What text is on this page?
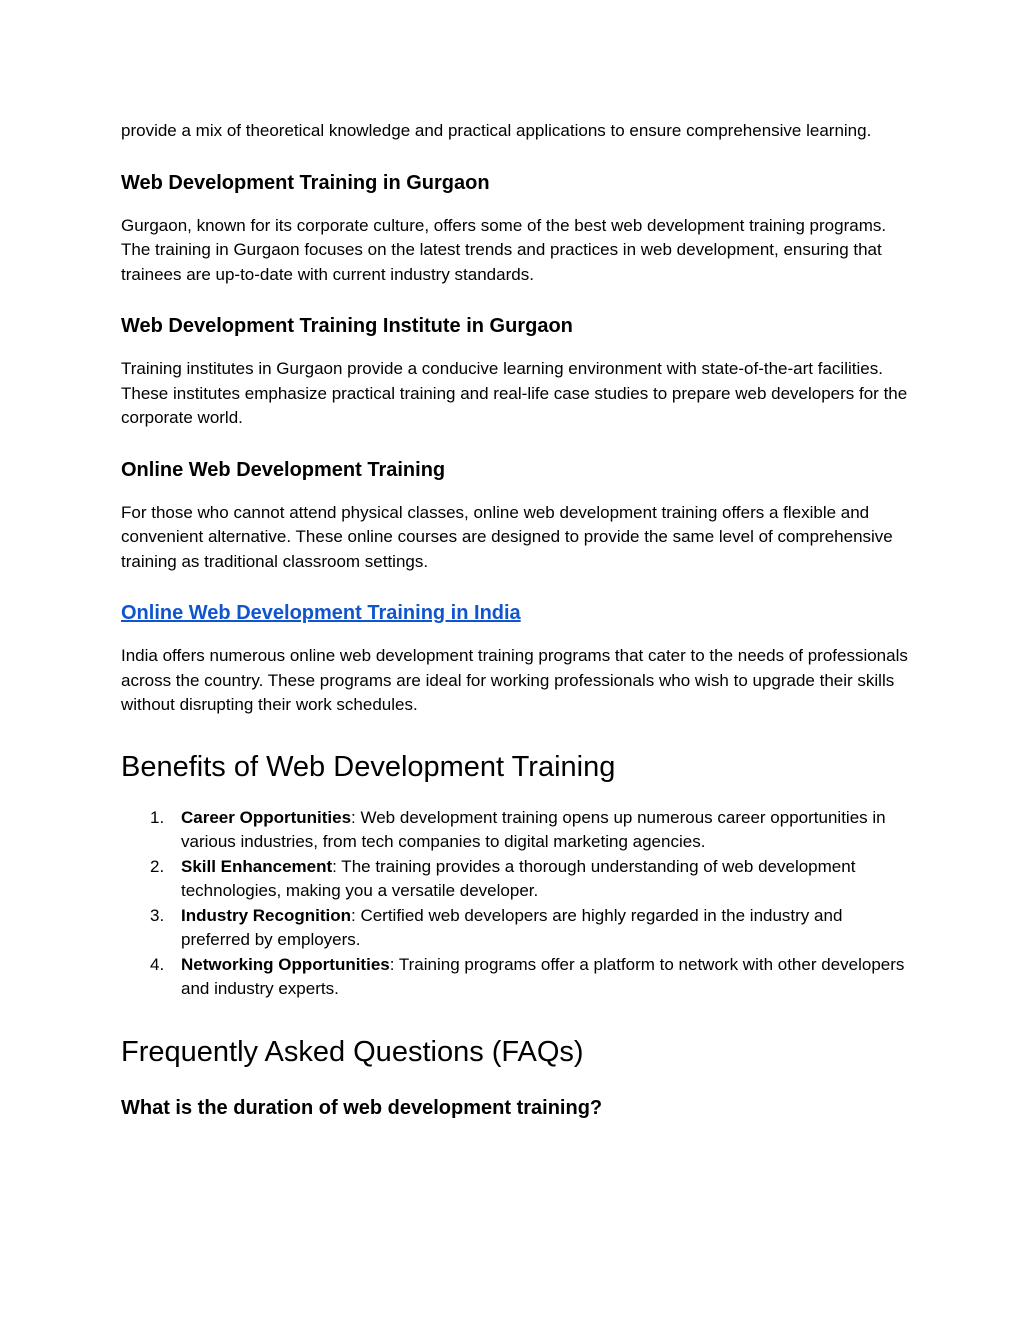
provide a mix of theoretical knowledge and practical applications to ensure comprehensive learning.

Web Development Training in Gurgaon

Gurgaon, known for its corporate culture, offers some of the best web development training programs. The training in Gurgaon focuses on the latest trends and practices in web development, ensuring that trainees are up-to-date with current industry standards.

Web Development Training Institute in Gurgaon

Training institutes in Gurgaon provide a conducive learning environment with state-of-the-art facilities. These institutes emphasize practical training and real-life case studies to prepare web developers for the corporate world.

Online Web Development Training

For those who cannot attend physical classes, online web development training offers a flexible and convenient alternative. These online courses are designed to provide the same level of comprehensive training as traditional classroom settings.

Online Web Development Training in India

India offers numerous online web development training programs that cater to the needs of professionals across the country. These programs are ideal for working professionals who wish to upgrade their skills without disrupting their work schedules.

Benefits of Web Development Training
1. Career Opportunities: Web development training opens up numerous career opportunities in various industries, from tech companies to digital marketing agencies.
2. Skill Enhancement: The training provides a thorough understanding of web development technologies, making you a versatile developer.
3. Industry Recognition: Certified web developers are highly regarded in the industry and preferred by employers.
4. Networking Opportunities: Training programs offer a platform to network with other developers and industry experts.
Frequently Asked Questions (FAQs)
What is the duration of web development training?
